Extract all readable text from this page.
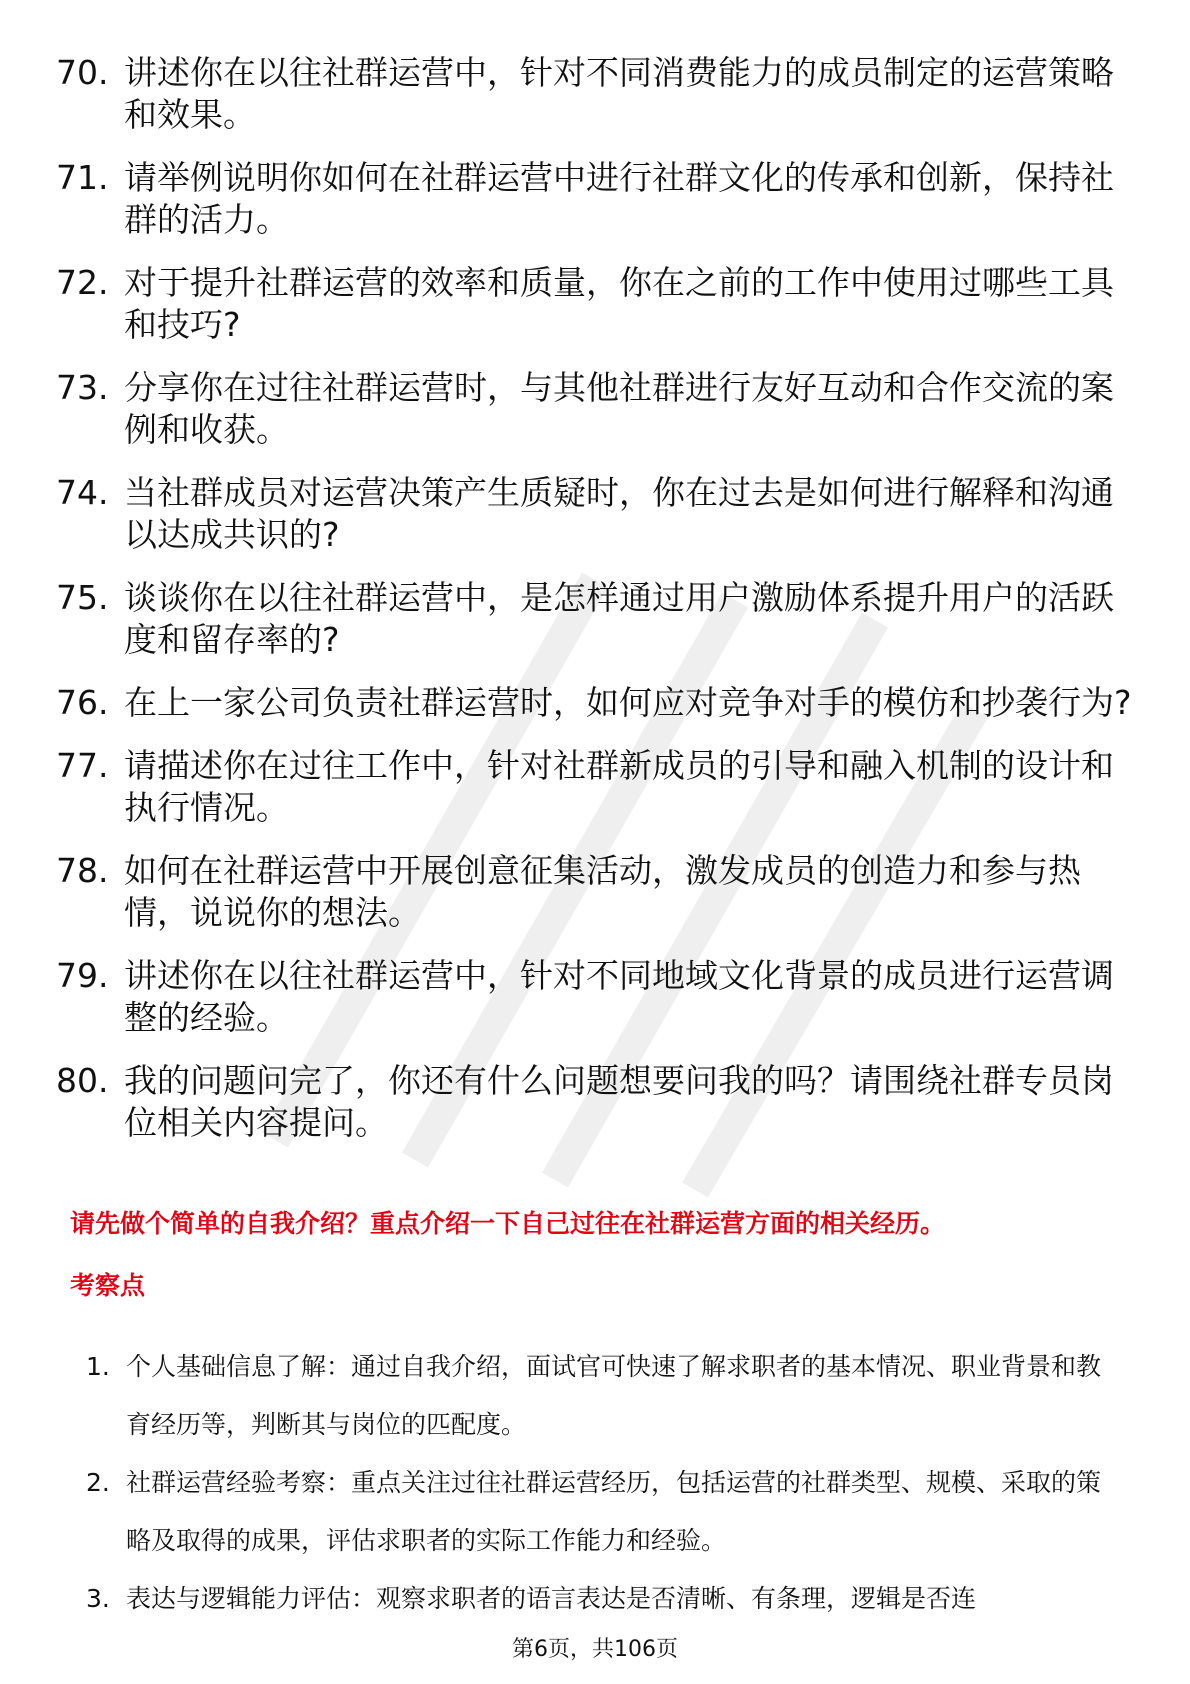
70. 讲述你在以往社群运营中，针对不同消费能力的成员制定的运营策略和效果。
71. 请举例说明你如何在社群运营中进行社群文化的传承和创新，保持社群的活力。
72. 对于提升社群运营的效率和质量，你在之前的工作中使用过哪些工具和技巧?
73. 分享你在过往社群运营时，与其他社群进行友好互动和合作交流的案例和收获。
74. 当社群成员对运营决策产生质疑时，你在过去是如何进行解释和沟通以达成共识的?
75. 谈谈你在以往社群运营中，是怎样通过用户激励体系提升用户的活跃度和留存率的?
76. 在上一家公司负责社群运营时，如何应对竞争对手的模仿和抄袭行为?
77. 请描述你在过往工作中，针对社群新成员的引导和融入机制的设计和执行情况。
78. 如何在社群运营中开展创意征集活动，激发成员的创造力和参与热情，说说你的想法。
79. 讲述你在以往社群运营中，针对不同地域文化背景的成员进行运营调整的经验。
80. 我的问题问完了，你还有什么问题想要问我的吗？请围绕社群专员岗位相关内容提问。
请先做个简单的自我介绍？重点介绍一下自己过往在社群运营方面的相关经历。
考察点
1. 个人基础信息了解：通过自我介绍，面试官可快速了解求职者的基本情况、职业背景和教育经历等，判断其与岗位的匹配度。
2. 社群运营经验考察：重点关注过往社群运营经历，包括运营的社群类型、规模、采取的策略及取得的成果，评估求职者的实际工作能力和经验。
3. 表达与逻辑能力评估：观察求职者的语言表达是否清晰、有条理，逻辑是否连
第6页，共106页
